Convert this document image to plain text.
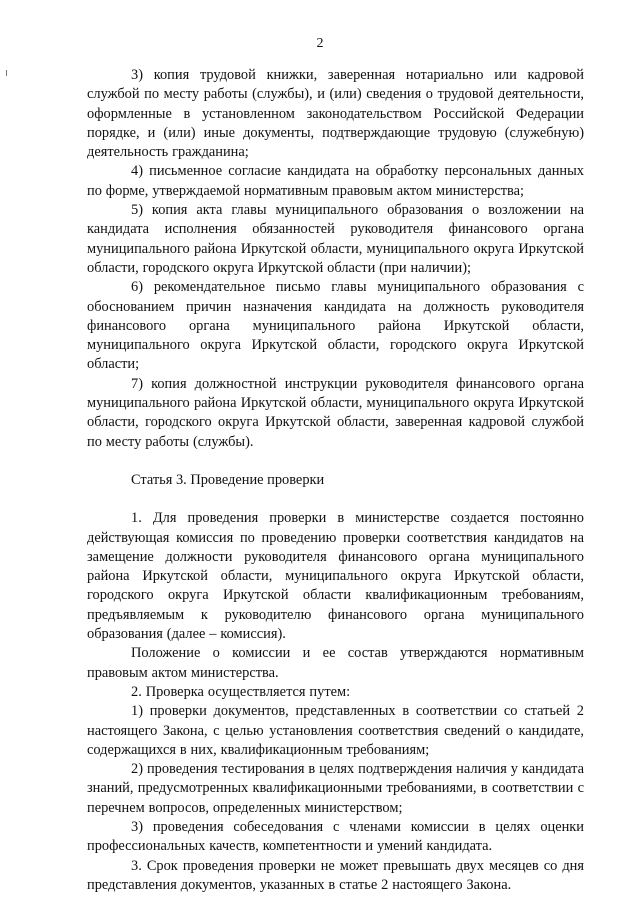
2

3) копия трудовой книжки, заверенная нотариально или кадровой службой по месту работы (службы), и (или) сведения о трудовой деятельности, оформленные в установленном законодательством Российской Федерации порядке, и (или) иные документы, подтверждающие трудовую (служебную) деятельность гражданина;

4) письменное согласие кандидата на обработку персональных данных по форме, утверждаемой нормативным правовым актом министерства;

5) копия акта главы муниципального образования о возложении на кандидата исполнения обязанностей руководителя финансового органа муниципального района Иркутской области, муниципального округа Иркутской области, городского округа Иркутской области (при наличии);

6) рекомендательное письмо главы муниципального образования с обоснованием причин назначения кандидата на должность руководителя финансового органа муниципального района Иркутской области, муниципального округа Иркутской области, городского округа Иркутской области;

7) копия должностной инструкции руководителя финансового органа муниципального района Иркутской области, муниципального округа Иркутской области, городского округа Иркутской области, заверенная кадровой службой по месту работы (службы).

Статья 3. Проведение проверки

1. Для проведения проверки в министерстве создается постоянно действующая комиссия по проведению проверки соответствия кандидатов на замещение должности руководителя финансового органа муниципального района Иркутской области, муниципального округа Иркутской области, городского округа Иркутской области квалификационным требованиям, предъявляемым к руководителю финансового органа муниципального образования (далее – комиссия).

Положение о комиссии и ее состав утверждаются нормативным правовым актом министерства.

2. Проверка осуществляется путем:

1) проверки документов, представленных в соответствии со статьей 2 настоящего Закона, с целью установления соответствия сведений о кандидате, содержащихся в них, квалификационным требованиям;

2) проведения тестирования в целях подтверждения наличия у кандидата знаний, предусмотренных квалификационными требованиями, в соответствии с перечнем вопросов, определенных министерством;

3) проведения собеседования с членами комиссии в целях оценки профессиональных качеств, компетентности и умений кандидата.

3. Срок проведения проверки не может превышать двух месяцев со дня представления документов, указанных в статье 2 настоящего Закона.
